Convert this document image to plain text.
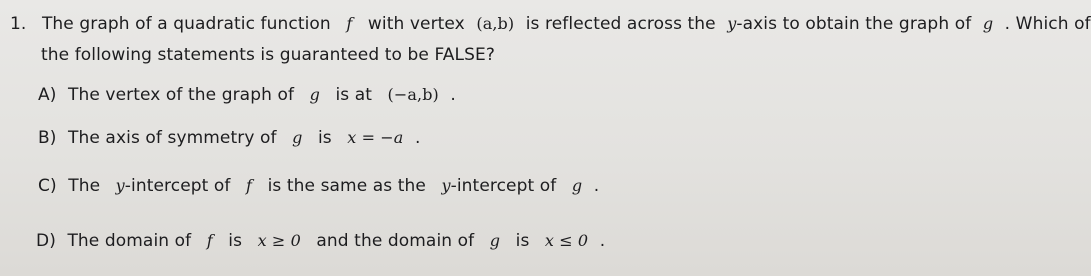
1. The graph of a quadratic function f with vertex (a,b) is reflected across the y-axis to obtain the graph of g . Which of
the following statements is guaranteed to be FALSE?
A) The vertex of the graph of g is at (−a,b) .
B) The axis of symmetry of g is x = −a .
C) The y-intercept of f is the same as the y-intercept of g .
D) The domain of f is x ≥ 0 and the domain of g is x ≤ 0 .
